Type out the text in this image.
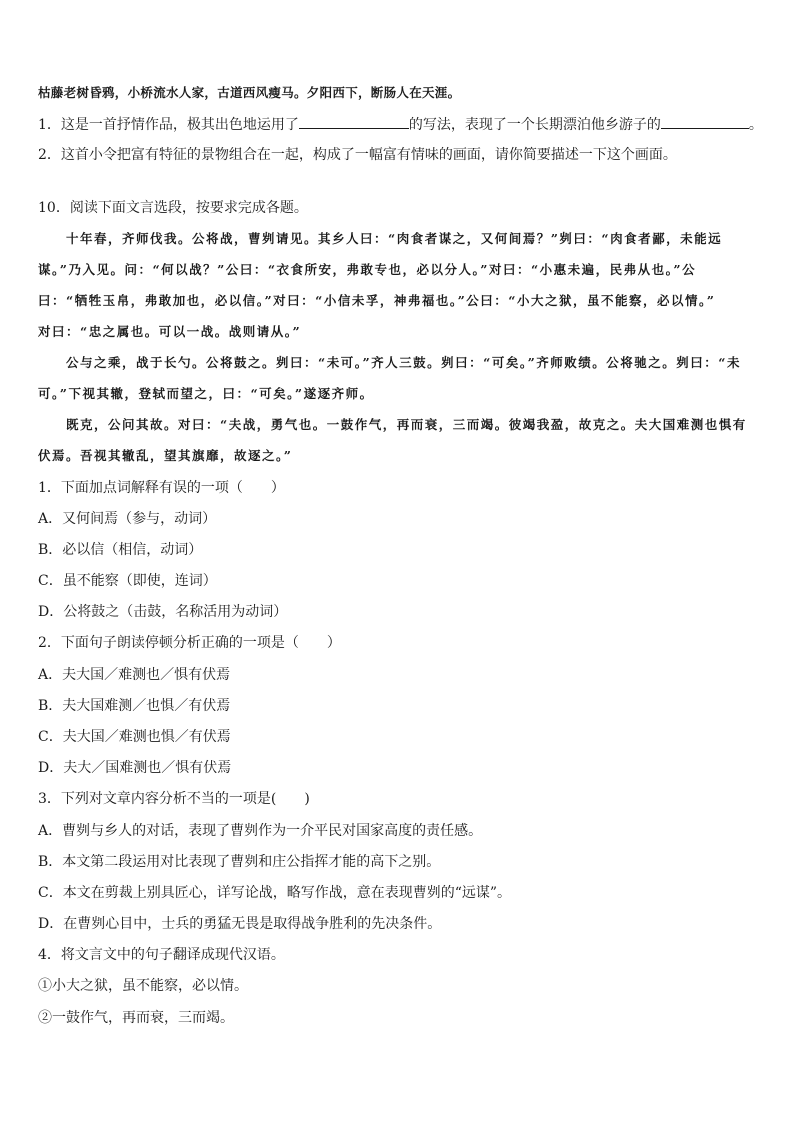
枯藤老树昏鸦，小桥流水人家，古道西风瘦马。夕阳西下，断肠人在天涯。
1．这是一首抒情作品，极其出色地运用了	的写法，表现了一个长期漂泊他乡游子的	。
2．这首小令把富有特征的景物组合在一起，构成了一幅富有情味的画面，请你简要描述一下这个画面。
10．阅读下面文言选段，按要求完成各题。
十年春，齐师伐我。公将战，曹刿请见。其乡人曰：“肉食者谋之，又何间焉？”刿曰：“肉食者鄙，未能远
谋。”乃入见。问：“何以战？”公曰：“衣食所安，弗敢专也，必以分人。”对曰：“小惠未遍，民弗从也。”公
曰：“牺牲玉帛，弗敢加也，必以信。”对曰：“小信未孚，神弗福也。”公曰：“小大之狱，虽不能察，必以情。”
对曰：“忠之属也。可以一战。战则请从。”
公与之乘，战于长勺。公将鼓之。刿曰：“未可。”齐人三鼓。刿曰：“可矣。”齐师败绩。公将驰之。刿曰：“未
可。”下视其辙，登轼而望之，曰：“可矣。”遂逐齐师。
既克，公问其故。对曰：“夫战，勇气也。一鼓作气，再而衰，三而竭。彼竭我盈，故克之。夫大国难测也惧有
伏焉。吾视其辙乱，望其旗靡，故逐之。”
1．下面加点词解释有误的一项（　　）
A．又何间焉（参与，动词）
B．必以信（相信，动词）
C．虽不能察（即使，连词）
D．公将鼓之（击鼓，名称活用为动词）
2．下面句子朗读停顿分析正确的一项是（　　）
A．夫大国／难测也／惧有伏焉
B．夫大国难测／也惧／有伏焉
C．夫大国／难测也惧／有伏焉
D．夫大／国难测也／惧有伏焉
3．下列对文章内容分析不当的一项是(　　)
A．曹刿与乡人的对话，表现了曹刿作为一介平民对国家高度的责任感。
B．本文第二段运用对比表现了曹刿和庄公指挥才能的高下之别。
C．本文在剪裁上别具匠心，详写论战，略写作战，意在表现曹刿的“远谋”。
D．在曹刿心目中，士兵的勇猛无畏是取得战争胜利的先决条件。
4．将文言文中的句子翻译成现代汉语。
①小大之狱，虽不能察，必以情。
②一鼓作气，再而衰，三而竭。
